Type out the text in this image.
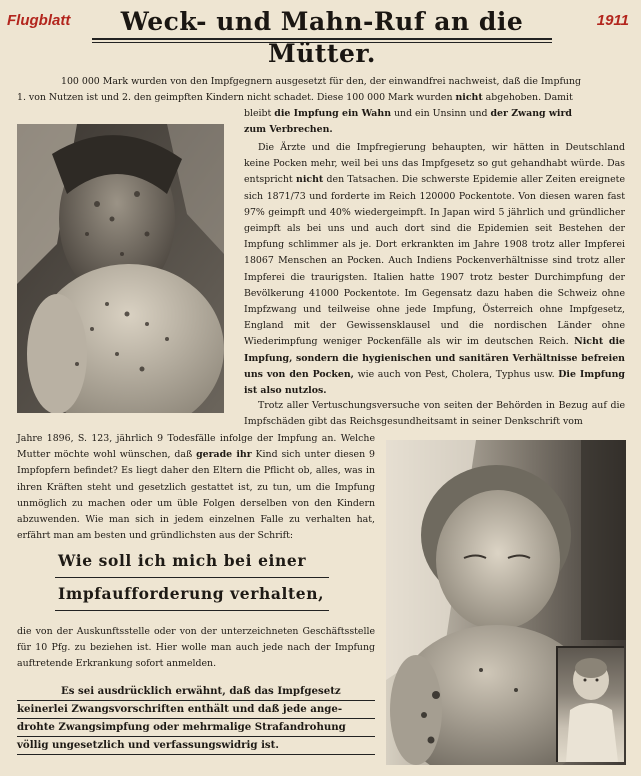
Flugblatt	1911
Weck- und Mahn-Ruf an die Mütter.

100 000 Mark wurden von den Impfgegnern ausgesetzt für den, der einwandfrei nachweist, daß die Impfung

1. von Nutzen ist und 2. den geimpften Kindern nicht schadet. Diese 100 000 Mark wurden nicht abgehoben. Damit

bleibt die Impfung ein Wahn und ein Unsinn und der Zwang wird

zum Verbrechen.

Die Ärzte und die Impfregierung behaupten, wir hätten in Deutschland keine Pocken mehr, weil bei uns das Impfgesetz so gut gehandhabt würde. Das entspricht nicht den Tatsachen. Die schwerste Epidemie aller Zeiten ereignete sich 1871/73 und forderte im Reich 120000 Pockentote. Von diesen waren fast 97% geimpft und 40% wiedergeimpft. In Japan wird 5 jährlich und gründlicher geimpft als bei uns und auch dort sind die Epidemien seit Bestehen der Impfung schlimmer als je. Dort erkrankten im Jahre 1908 trotz aller Impferei 18067 Menschen an Pocken. Auch Indiens Pockenverhältnisse sind trotz aller Impferei die traurigsten. Italien hatte 1907 trotz bester Durchimpfung der Bevölkerung 41000 Pockentote. Im Gegensatz dazu haben die Schweiz ohne Impfzwang und teilweise ohne jede Impfung, Österreich ohne Impfgesetz, England mit der Gewissensklausel und die nordischen Länder ohne Wiederimpfung weniger Pockenfälle als wir im deutschen Reich. Nicht die Impfung, sondern die hygienischen und sanitären Verhältnisse befreien uns von den Pocken, wie auch von Pest, Cholera, Typhus usw. Die Impfung ist also nutzlos.

Trotz aller Vertuschungsversuche von seiten der Behörden in Bezug auf die Impfschäden gibt das Reichsgesundheitsamt in seiner Denkschrift vom

Jahre 1896, S. 123, jährlich 9 Todesfälle infolge der Impfung an. Welche Mutter möchte wohl wünschen, daß gerade ihr Kind sich unter diesen 9 Impfopfern befindet? Es liegt daher den Eltern die Pflicht ob, alles, was in ihren Kräften steht und gesetzlich gestattet ist, zu tun, um die Impfung unmöglich zu machen oder um üble Folgen derselben von den Kindern abzuwenden. Wie man sich in jedem einzelnen Falle zu verhalten hat, erfährt man am besten und gründlichsten aus der Schrift:

Wie soll ich mich bei einer
Impfaufforderung verhalten,

die von der Auskunftsstelle oder von der unterzeichneten Geschäftsstelle für 10 Pfg. zu beziehen ist. Hier wolle man auch jede nach der Impfung auftretende Erkrankung sofort anmelden.

Es sei ausdrücklich erwähnt, daß das Impfgesetz
keinerlei Zwangsvorschriften enthält und daß jede ange-
drohte Zwangsimpfung oder mehrmalige Strafandrohung
völlig ungesetzlich und verfassungswidrig ist.
